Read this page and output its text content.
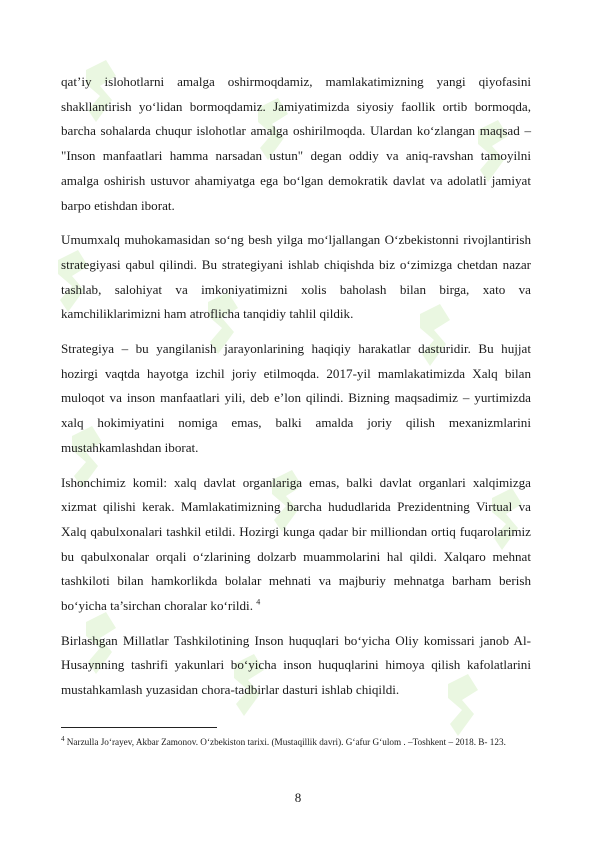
qat’iy islohotlarni amalga oshirmoqdamiz, mamlakatimizning yangi qiyofasini shakllantirish yo‘lidan bormoqdamiz. Jamiyatimizda siyosiy faollik ortib bormoqda, barcha sohalarda chuqur islohotlar amalga oshirilmoqda. Ulardan ko‘zlangan maqsad – "Inson manfaatlari hamma narsadan ustun" degan oddiy va aniq-ravshan tamoyilni amalga oshirish ustuvor ahamiyatga ega bo‘lgan demokratik davlat va adolatli jamiyat barpo etishdan iborat.

Umumxalq muhokamasidan so‘ng besh yilga mo‘ljallangan O‘zbekistonni rivojlantirish strategiyasi qabul qilindi. Bu strategiyani ishlab chiqishda biz o‘zimizga chetdan nazar tashlab, salohiyat va imkoniyatimizni xolis baholash bilan birga, xato va kamchiliklarimizni ham atroflicha tanqidiy tahlil qildik.

Strategiya – bu yangilanish jarayonlarining haqiqiy harakatlar dasturidir. Bu hujjat hozirgi vaqtda hayotga izchil joriy etilmoqda. 2017-yil mamlakatimizda Xalq bilan muloqot va inson manfaatlari yili, deb e’lon qilindi. Bizning maqsadimiz – yurtimizda xalq hokimiyatini nomiga emas, balki amalda joriy qilish mexanizmlarini mustahkamlashdan iborat.

Ishonchimiz komil: xalq davlat organlariga emas, balki davlat organlari xalqimizga xizmat qilishi kerak. Mamlakatimizning barcha hududlarida Prezidentning Virtual va Xalq qabulxonalari tashkil etildi. Hozirgi kunga qadar bir milliondan ortiq fuqarolarimiz bu qabulxonalar orqali o‘zlarining dolzarb muammolarini hal qildi. Xalqaro mehnat tashkiloti bilan hamkorlikda bolalar mehnati va majburiy mehnatga barham berish bo‘yicha ta’sirchan choralar ko‘rildi. $^4$

Birlashgan Millatlar Tashkilotining Inson huquqlari bo‘yicha Oliy komissari janob Al-Husaynning tashrifi yakunlari bo‘yicha inson huquqlarini himoya qilish kafolatlarini mustahkamlash yuzasidan chora-tadbirlar dasturi ishlab chiqildi.

$^4$ Narzulla Jo‘rayev, Akbar Zamonov. O‘zbekiston tarixi. (Mustaqillik davri). G‘afur G‘ulom . –Toshkent – 2018. B- 123.
8
